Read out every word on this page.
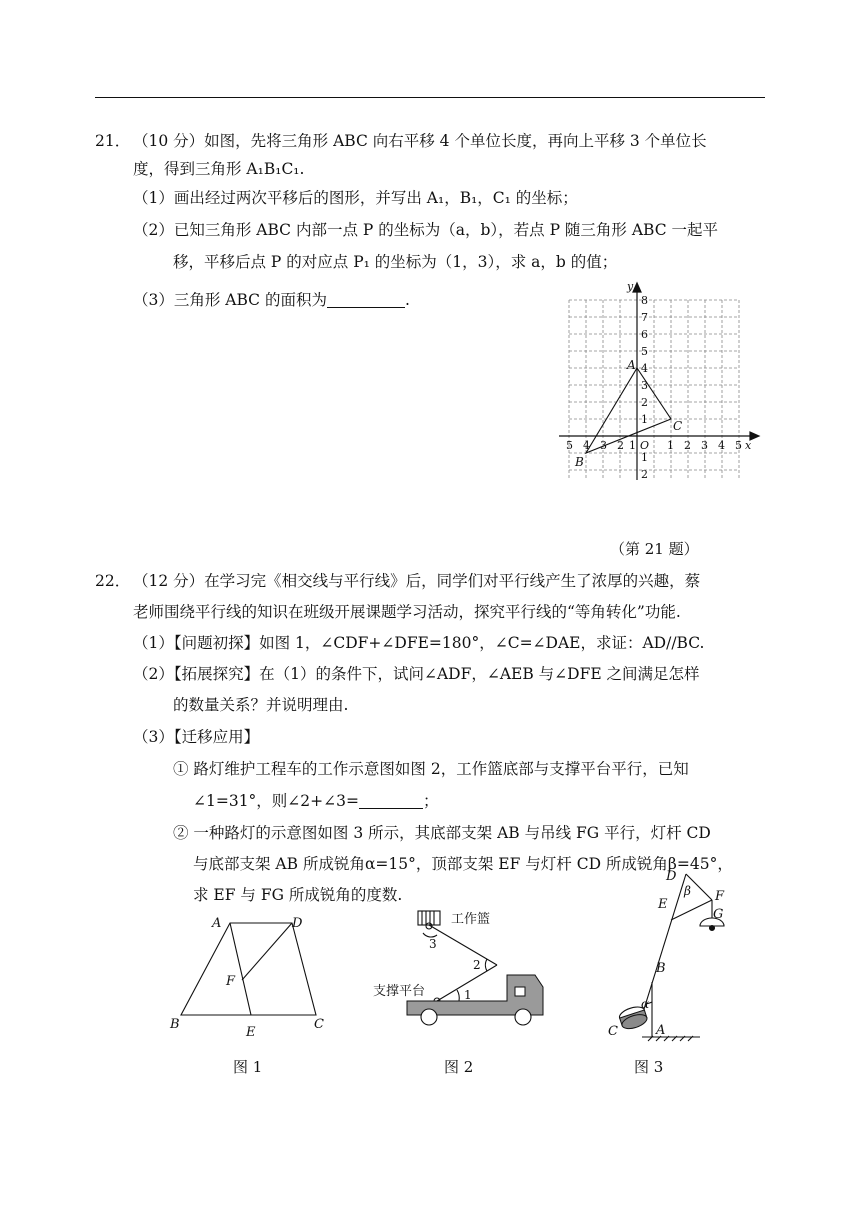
21． （10 分）如图，先将三角形 ABC 向右平移 4 个单位长度，再向上平移 3 个单位长
度，得到三角形 A₁B₁C₁.
（1）画出经过两次平移后的图形，并写出 A₁，B₁，C₁ 的坐标；
（2）已知三角形 ABC 内部一点 P 的坐标为（a，b），若点 P 随三角形 ABC 一起平
移，平移后点 P 的对应点 P₁ 的坐标为（1，3），求 a，b 的值；
（3）三角形 ABC 的面积为	.
5 4 3 2 1 O 1 2 3 4 5 x
y
8
7
6
5
4
3
2
1
1
2
A
B
C
（第 21 题）
22． （12 分）在学习完《相交线与平行线》后，同学们对平行线产生了浓厚的兴趣，蔡
老师围绕平行线的知识在班级开展课题学习活动，探究平行线的“等角转化”功能.
（1）【问题初探】如图 1，∠CDF+∠DFE=180°，∠C=∠DAE，求证：AD//BC.
（2）【拓展探究】在（1）的条件下，试问∠ADF，∠AEB 与∠DFE 之间满足怎样
的数量关系？并说明理由.
（3）【迁移应用】
① 路灯维护工程车的工作示意图如图 2，工作篮底部与支撑平台平行，已知
∠1=31°，则∠2+∠3=	；
② 一种路灯的示意图如图 3 所示，其底部支架 AB 与吊线 FG 平行，灯杆 CD
与底部支架 AB 所成锐角α=15°，顶部支架 EF 与灯杆 CD 所成锐角β=45°，
求 EF 与 FG 所成锐角的度数.
A	D
B	C
E
F
图 1
工作篮
支撑平台	1
2
3
图 2
D
F
E
G
B
C	A
α
β
图 3
